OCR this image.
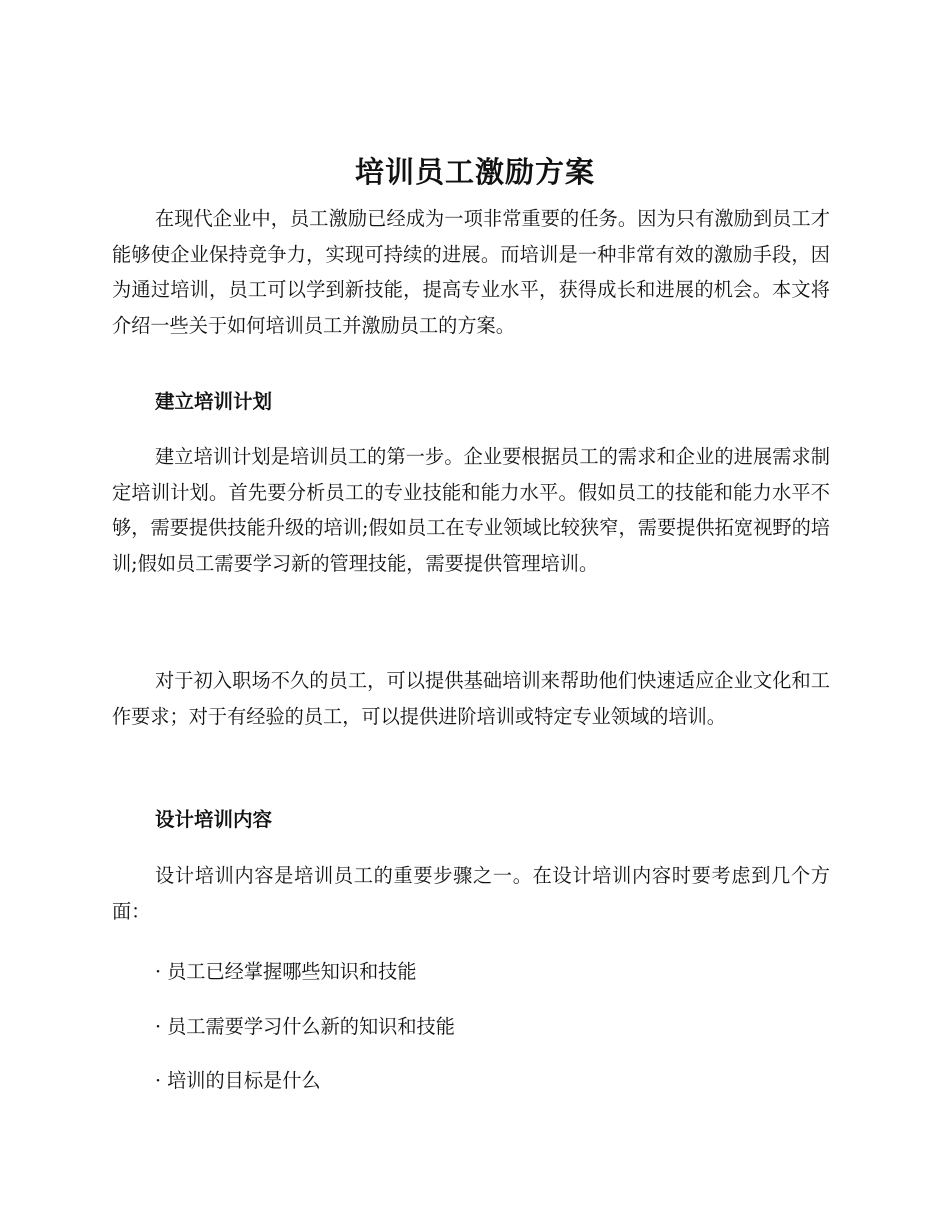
培训员工激励方案

在现代企业中，员工激励已经成为一项非常重要的任务。因为只有激励到员工才能够使企业保持竞争力，实现可持续的进展。而培训是一种非常有效的激励手段，因为通过培训，员工可以学到新技能，提高专业水平，获得成长和进展的机会。本文将介绍一些关于如何培训员工并激励员工的方案。

建立培训计划

建立培训计划是培训员工的第一步。企业要根据员工的需求和企业的进展需求制定培训计划。首先要分析员工的专业技能和能力水平。假如员工的技能和能力水平不够，需要提供技能升级的培训;假如员工在专业领域比较狭窄，需要提供拓宽视野的培训;假如员工需要学习新的管理技能，需要提供管理培训。

对于初入职场不久的员工，可以提供基础培训来帮助他们快速适应企业文化和工作要求；对于有经验的员工，可以提供进阶培训或特定专业领域的培训。

设计培训内容

设计培训内容是培训员工的重要步骤之一。在设计培训内容时要考虑到几个方面：

· 员工已经掌握哪些知识和技能
· 员工需要学习什么新的知识和技能
· 培训的目标是什么
